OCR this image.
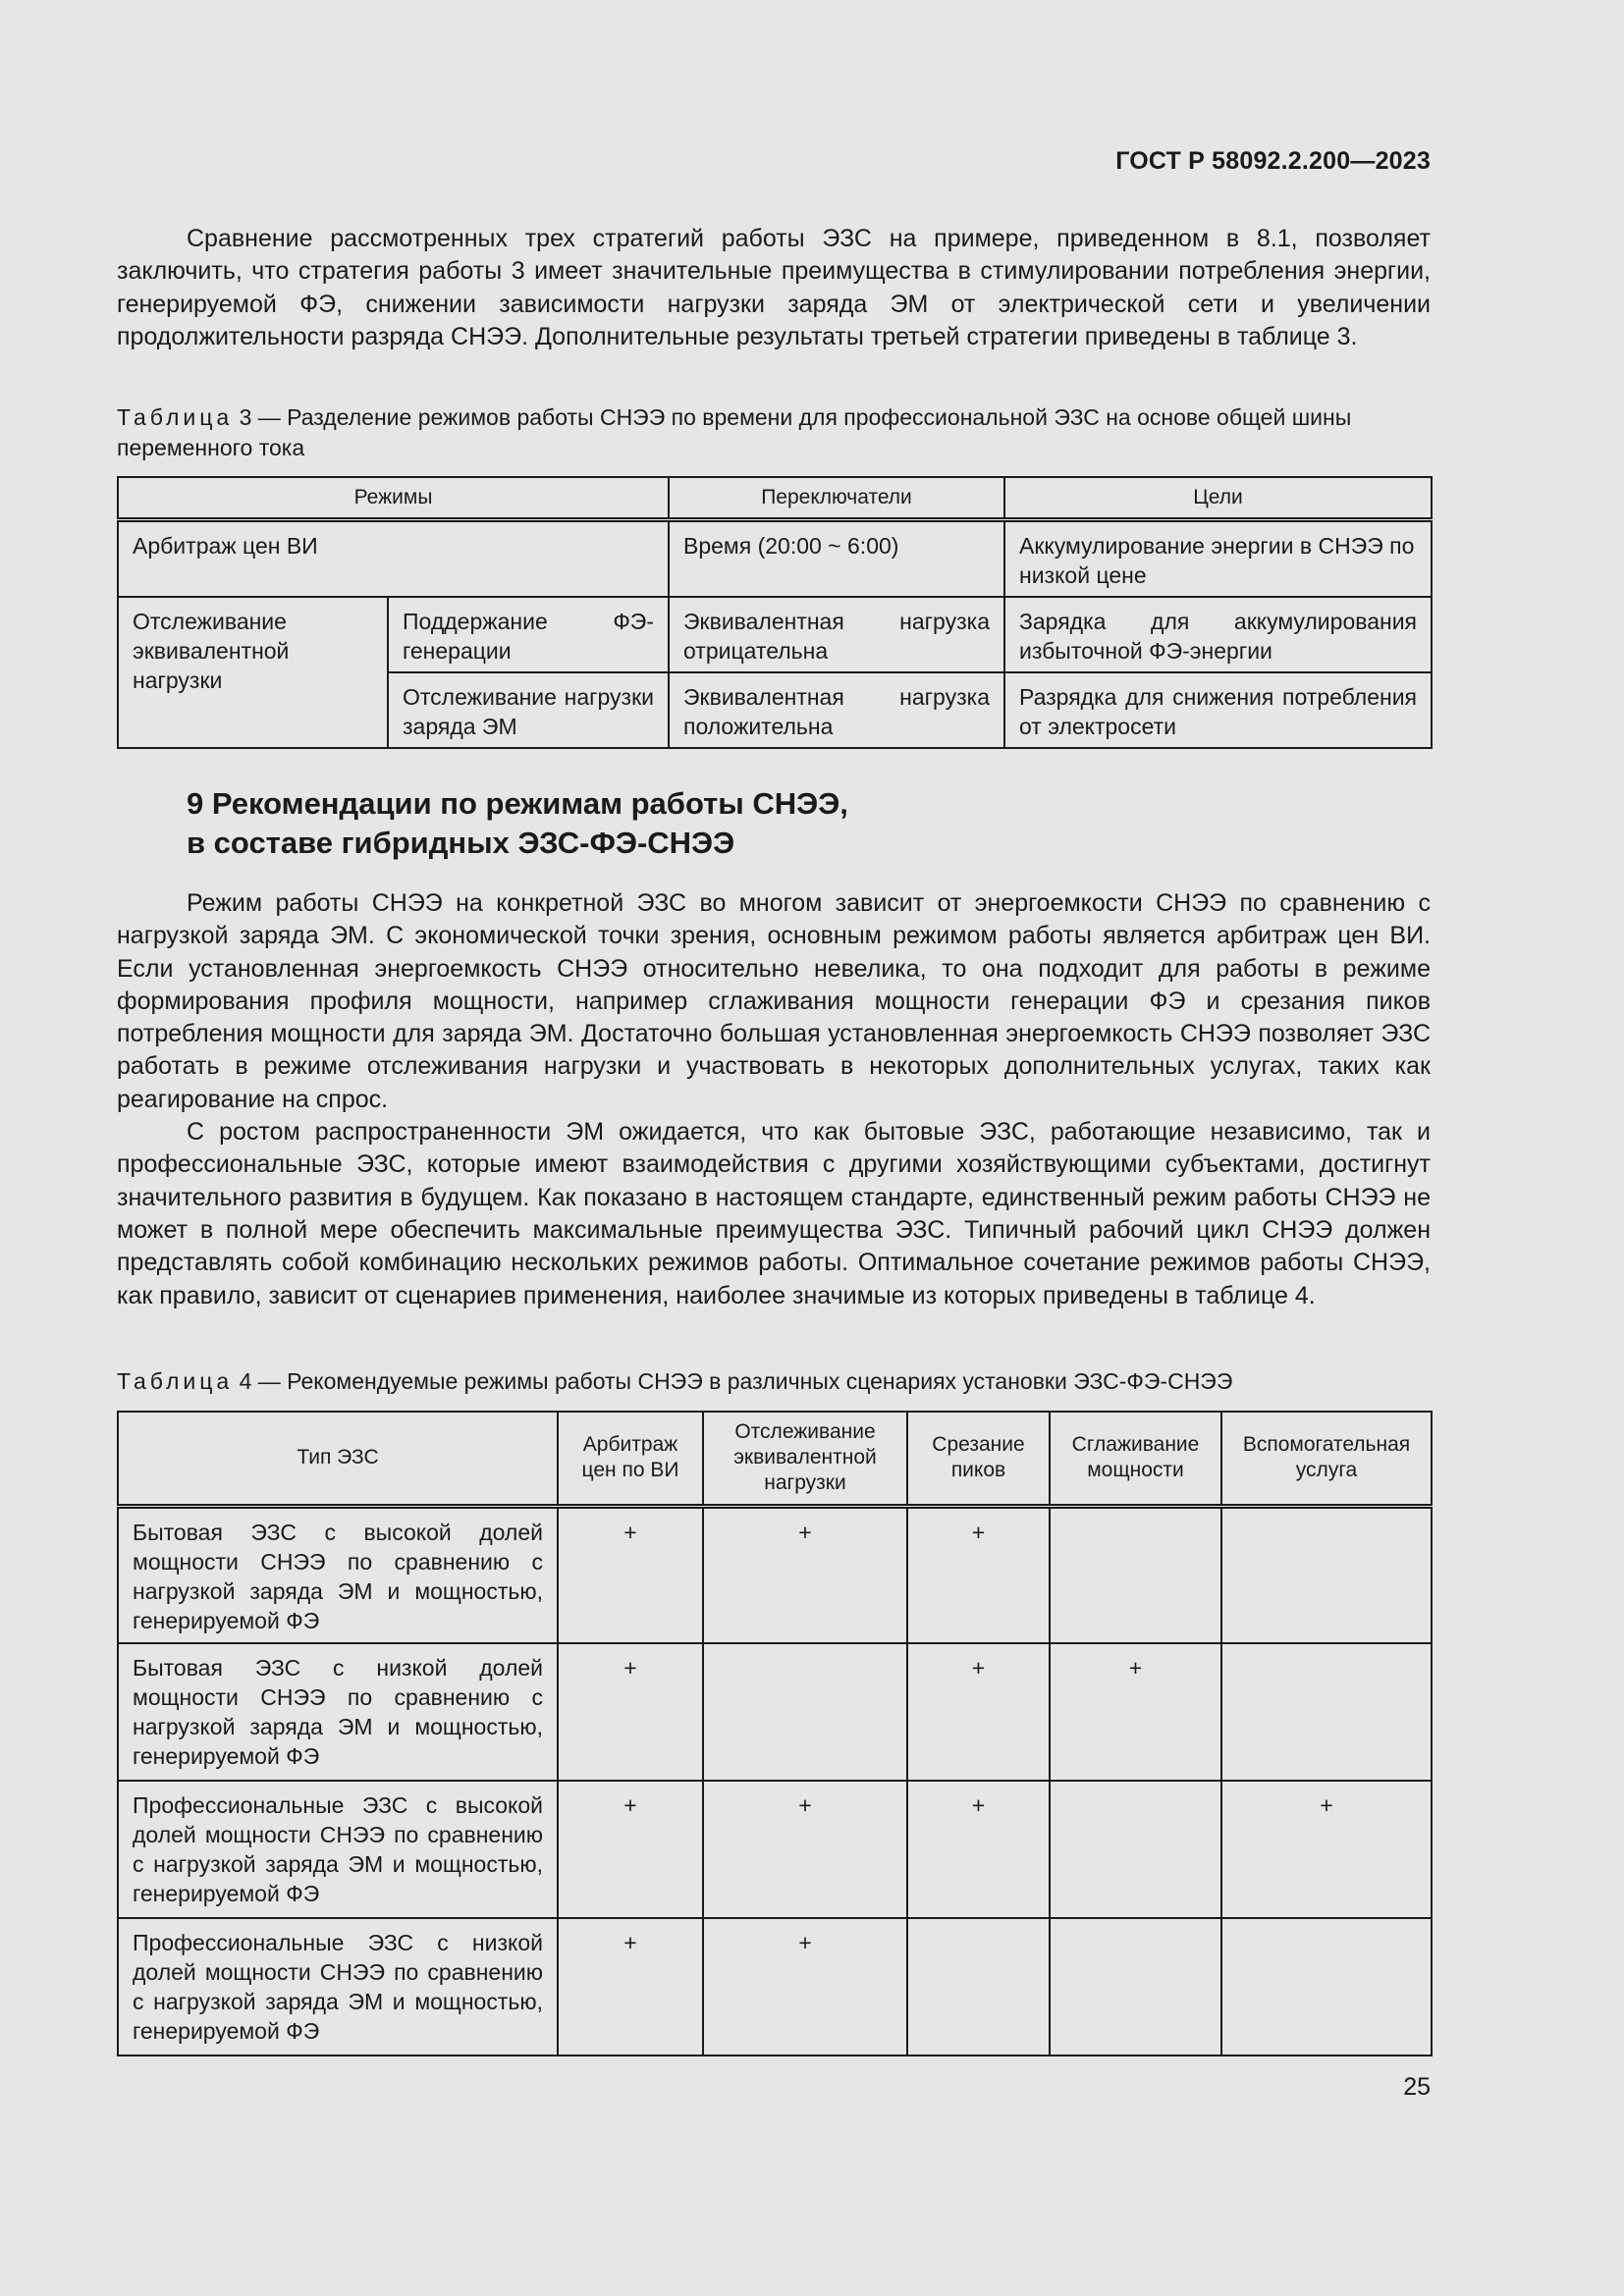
ГОСТ Р 58092.2.200—2023

Сравнение рассмотренных трех стратегий работы ЭЗС на примере, приведенном в 8.1, позволяет заключить, что стратегия работы 3 имеет значительные преимущества в стимулировании потребления энергии, генерируемой ФЭ, снижении зависимости нагрузки заряда ЭМ от электрической сети и увеличении продолжительности разряда СНЭЭ. Дополнительные результаты третьей стратегии приведены в таблице 3.

Таблица 3 — Разделение режимов работы СНЭЭ по времени для профессиональной ЭЗС на основе общей шины переменного тока

Режимы		Переключатели	Цели
Арбитраж цен ВИ		Время (20:00 ~ 6:00)	Аккумулирование энергии в СНЭЭ по низкой цене
Отслеживание эквивалентной нагрузки	Поддержание ФЭ-генерации	Эквивалентная нагрузка отрицательна	Зарядка для аккумулирования избыточной ФЭ-энергии
	Отслеживание нагрузки заряда ЭМ	Эквивалентная нагрузка положительна	Разрядка для снижения потребления от электросети
9 Рекомендации по режимам работы СНЭЭ,
в составе гибридных ЭЗС-ФЭ-СНЭЭ

Режим работы СНЭЭ на конкретной ЭЗС во многом зависит от энергоемкости СНЭЭ по сравнению с нагрузкой заряда ЭМ. С экономической точки зрения, основным режимом работы является арбитраж цен ВИ. Если установленная энергоемкость СНЭЭ относительно невелика, то она подходит для работы в режиме формирования профиля мощности, например сглаживания мощности генерации ФЭ и срезания пиков потребления мощности для заряда ЭМ. Достаточно большая установленная энергоемкость СНЭЭ позволяет ЭЗС работать в режиме отслеживания нагрузки и участвовать в некоторых дополнительных услугах, таких как реагирование на спрос.

С ростом распространенности ЭМ ожидается, что как бытовые ЭЗС, работающие независимо, так и профессиональные ЭЗС, которые имеют взаимодействия с другими хозяйствующими субъектами, достигнут значительного развития в будущем. Как показано в настоящем стандарте, единственный режим работы СНЭЭ не может в полной мере обеспечить максимальные преимущества ЭЗС. Типичный рабочий цикл СНЭЭ должен представлять собой комбинацию нескольких режимов работы. Оптимальное сочетание режимов работы СНЭЭ, как правило, зависит от сценариев применения, наиболее значимые из которых приведены в таблице 4.

Таблица 4 — Рекомендуемые режимы работы СНЭЭ в различных сценариях установки ЭЗС-ФЭ-СНЭЭ

Тип ЭЗС	Арбитраж цен по ВИ	Отслеживание эквивалентной нагрузки	Срезание пиков	Сглаживание мощности	Вспомогательная услуга
Бытовая ЭЗС с высокой долей мощности СНЭЭ по сравнению с нагрузкой заряда ЭМ и мощностью, генерируемой ФЭ	+	+	+		
Бытовая ЭЗС с низкой долей мощности СНЭЭ по сравнению с нагрузкой заряда ЭМ и мощностью, генерируемой ФЭ	+		+	+	
Профессиональные ЭЗС с высокой долей мощности СНЭЭ по сравнению с нагрузкой заряда ЭМ и мощностью, генерируемой ФЭ	+	+	+		+
Профессиональные ЭЗС с низкой долей мощности СНЭЭ по сравнению с нагрузкой заряда ЭМ и мощностью, генерируемой ФЭ	+	+			
25
